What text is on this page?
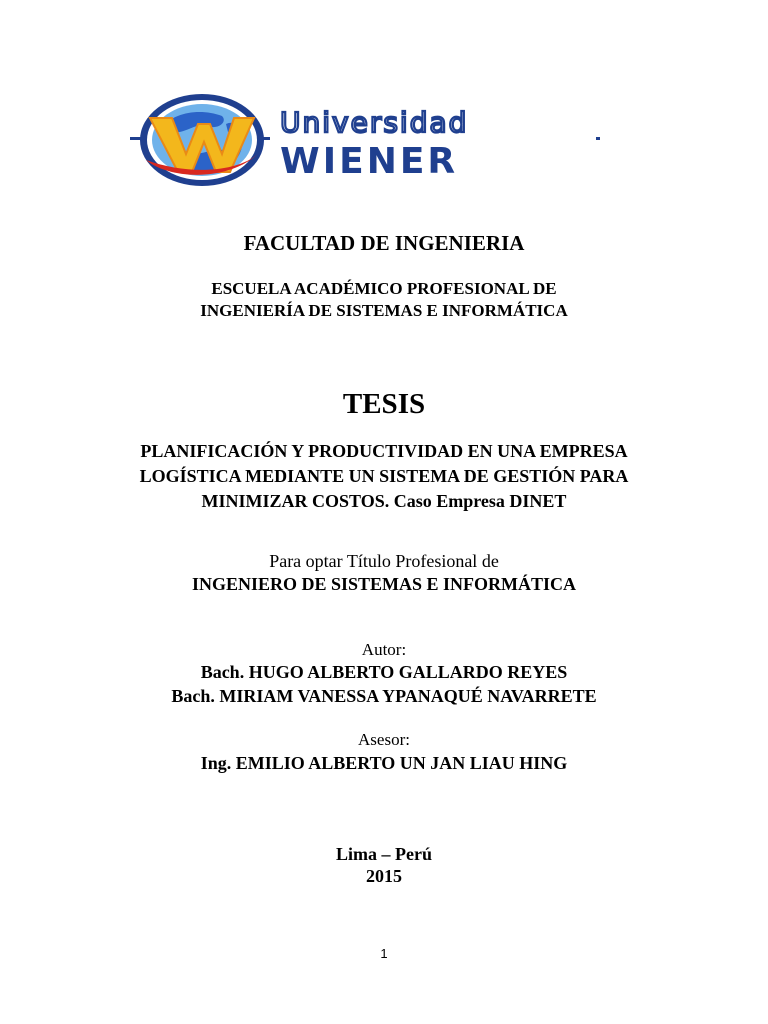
Universidad
WIENER
FACULTAD DE INGENIERIA
ESCUELA ACADÉMICO PROFESIONAL DE
INGENIERÍA DE SISTEMAS E INFORMÁTICA
TESIS
PLANIFICACIÓN Y PRODUCTIVIDAD EN UNA EMPRESA
LOGÍSTICA MEDIANTE UN SISTEMA DE GESTIÓN PARA
MINIMIZAR COSTOS. Caso Empresa DINET
Para optar Título Profesional de
INGENIERO DE SISTEMAS E INFORMÁTICA
Autor:
Bach. HUGO ALBERTO GALLARDO REYES
Bach. MIRIAM VANESSA YPANAQUÉ NAVARRETE
Asesor:
Ing. EMILIO ALBERTO UN JAN LIAU HING
Lima – Perú
2015
1
